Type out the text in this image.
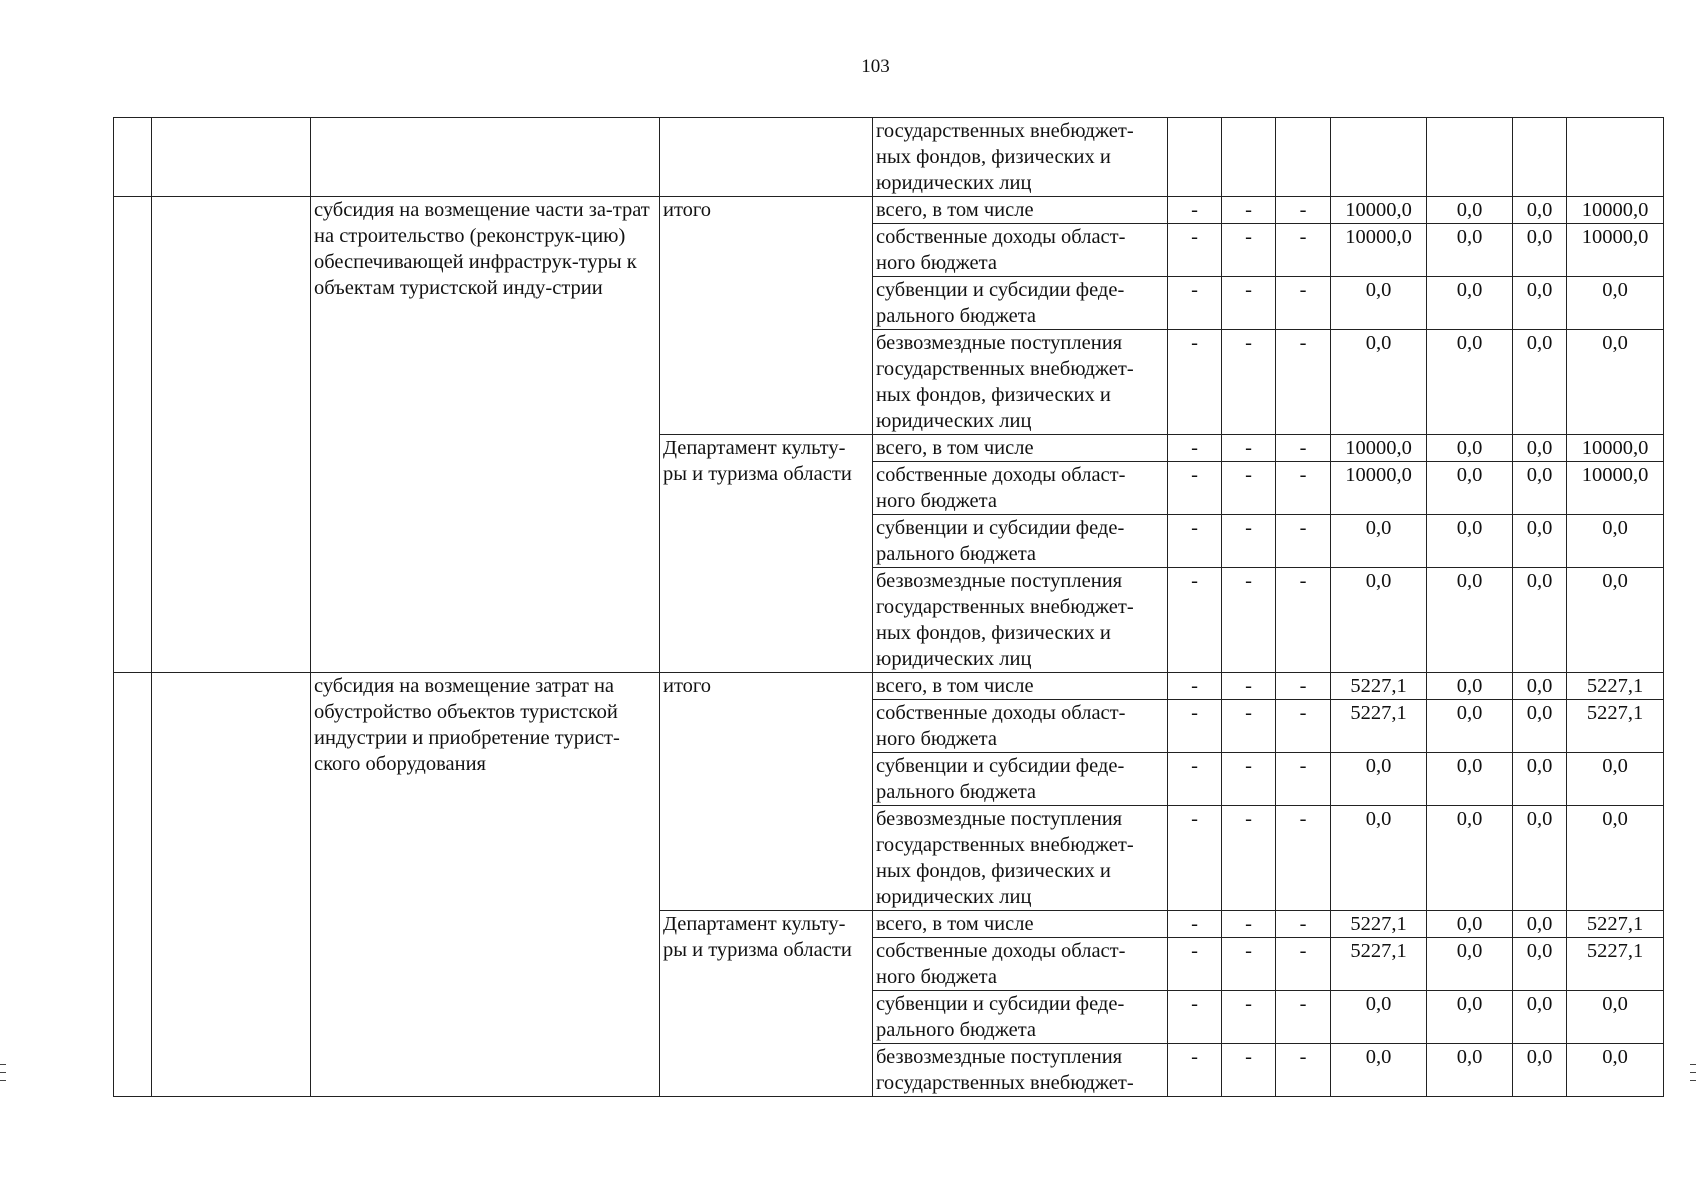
103
				государственных внебюджет-ных фондов, физических и юридических лиц							
		субсидия на возмещение части за-трат на строительство (реконструк-цию) обеспечивающей инфраструк-туры к объектам туристской инду-стрии	итого	всего, в том числе	-	-	-	10000,0	0,0	0,0	10000,0
				собственные доходы област-ного бюджета	-	-	-	10000,0	0,0	0,0	10000,0
				субвенции и субсидии феде-рального бюджета	-	-	-	0,0	0,0	0,0	0,0
				безвозмездные поступления государственных внебюджет-ных фондов, физических и юридических лиц	-	-	-	0,0	0,0	0,0	0,0
			Департамент культу-ры и туризма области	всего, в том числе	-	-	-	10000,0	0,0	0,0	10000,0
				собственные доходы област-ного бюджета	-	-	-	10000,0	0,0	0,0	10000,0
				субвенции и субсидии феде-рального бюджета	-	-	-	0,0	0,0	0,0	0,0
				безвозмездные поступления государственных внебюджет-ных фондов, физических и юридических лиц	-	-	-	0,0	0,0	0,0	0,0
		субсидия на возмещение затрат на обустройство объектов туристской индустрии и приобретение турист-ского оборудования	итого	всего, в том числе	-	-	-	5227,1	0,0	0,0	5227,1
				собственные доходы област-ного бюджета	-	-	-	5227,1	0,0	0,0	5227,1
				субвенции и субсидии феде-рального бюджета	-	-	-	0,0	0,0	0,0	0,0
				безвозмездные поступления государственных внебюджет-ных фондов, физических и юридических лиц	-	-	-	0,0	0,0	0,0	0,0
			Департамент культу-ры и туризма области	всего, в том числе	-	-	-	5227,1	0,0	0,0	5227,1
				собственные доходы област-ного бюджета	-	-	-	5227,1	0,0	0,0	5227,1
				субвенции и субсидии феде-рального бюджета	-	-	-	0,0	0,0	0,0	0,0
				безвозмездные поступления государственных внебюджет-	-	-	-	0,0	0,0	0,0	0,0
